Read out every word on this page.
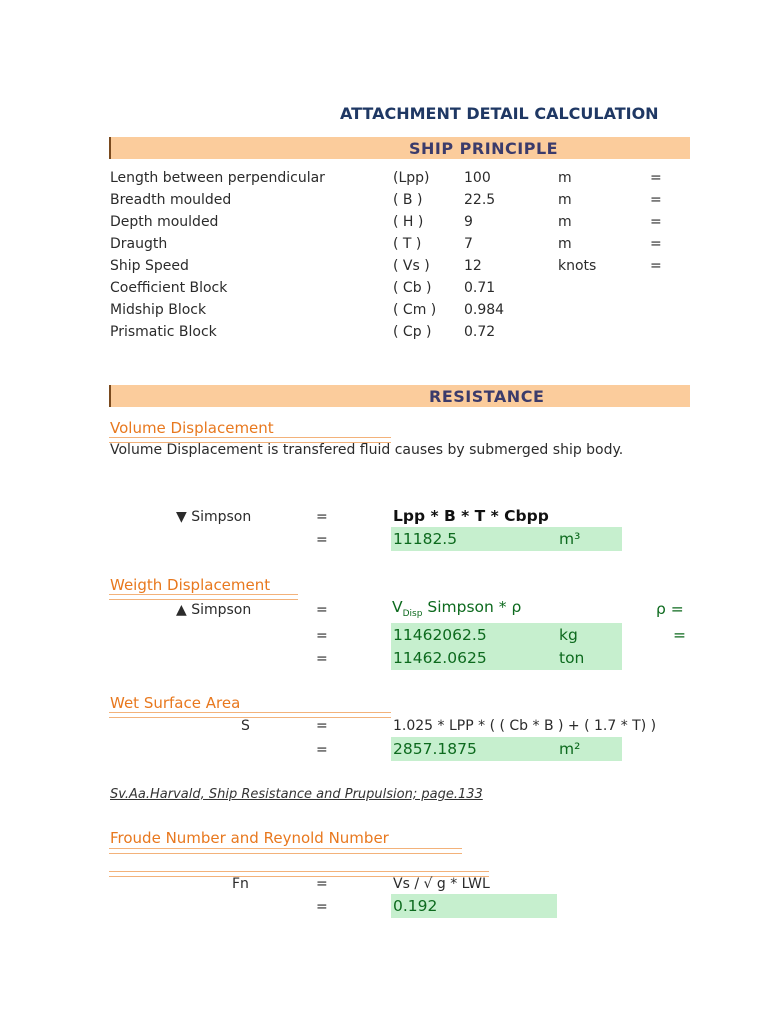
ATTACHMENT DETAIL CALCULATION
SHIP PRINCIPLE
Length between perpendicular	(Lpp) 100	m	=
Breadth moulded	( B )	22.5	m	=
Depth moulded	( H )	9	m	=
Draugth	( T )	7	m	=
Ship Speed	( Vs ) 12	knots	=
Coefficient Block	( Cb ) 0.71
Midship Block	( Cm ) 0.984
Prismatic Block	( Cp ) 0.72
RESISTANCE
Volume Displacement
Volume Displacement is transfered fluid causes by submerged ship body.
▼ Simpson	=	Lpp * B * T * Cbpp
=	11182.5	m³
Weigth Displacement
▲ Simpson	=	$V_{Disp}$ Simpson * ρ	ρ =
=	11462062.5	kg	=
=	11462.0625	ton
Wet Surface Area
S	=	1.025 * LPP * ( ( Cb * B ) + ( 1.7 * T) )
=	2857.1875	m²
Sv.Aa.Harvald, Ship Resistance and Prupulsion; page.133
Froude Number and Reynold Number
Fn	=	Vs / √ g * LWL
=	0.192
